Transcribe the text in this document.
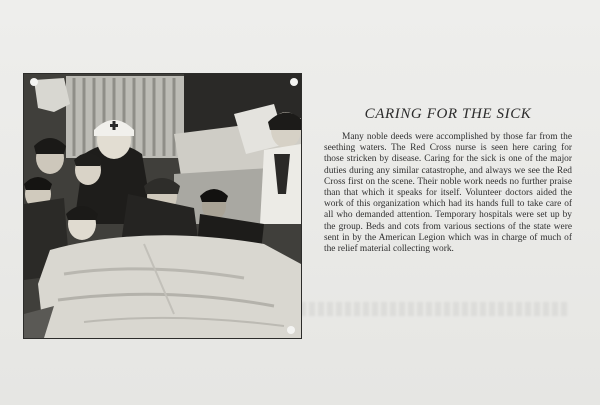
CARING FOR THE SICK
Many noble deeds were accomplished by those far from the seething waters. The Red Cross nurse is seen here caring for those stricken by disease. Caring for the sick is one of the major duties during any similar catastrophe, and always we see the Red Cross first on the scene. Their noble work needs no further praise than that which it speaks for itself. Volunteer doctors aided the work of this organization which had its hands full to take care of all who demanded attention. Temporary hospitals were set up by the group. Beds and cots from various sections of the state were sent in by the American Legion which was in charge of much of the relief material collecting work.
